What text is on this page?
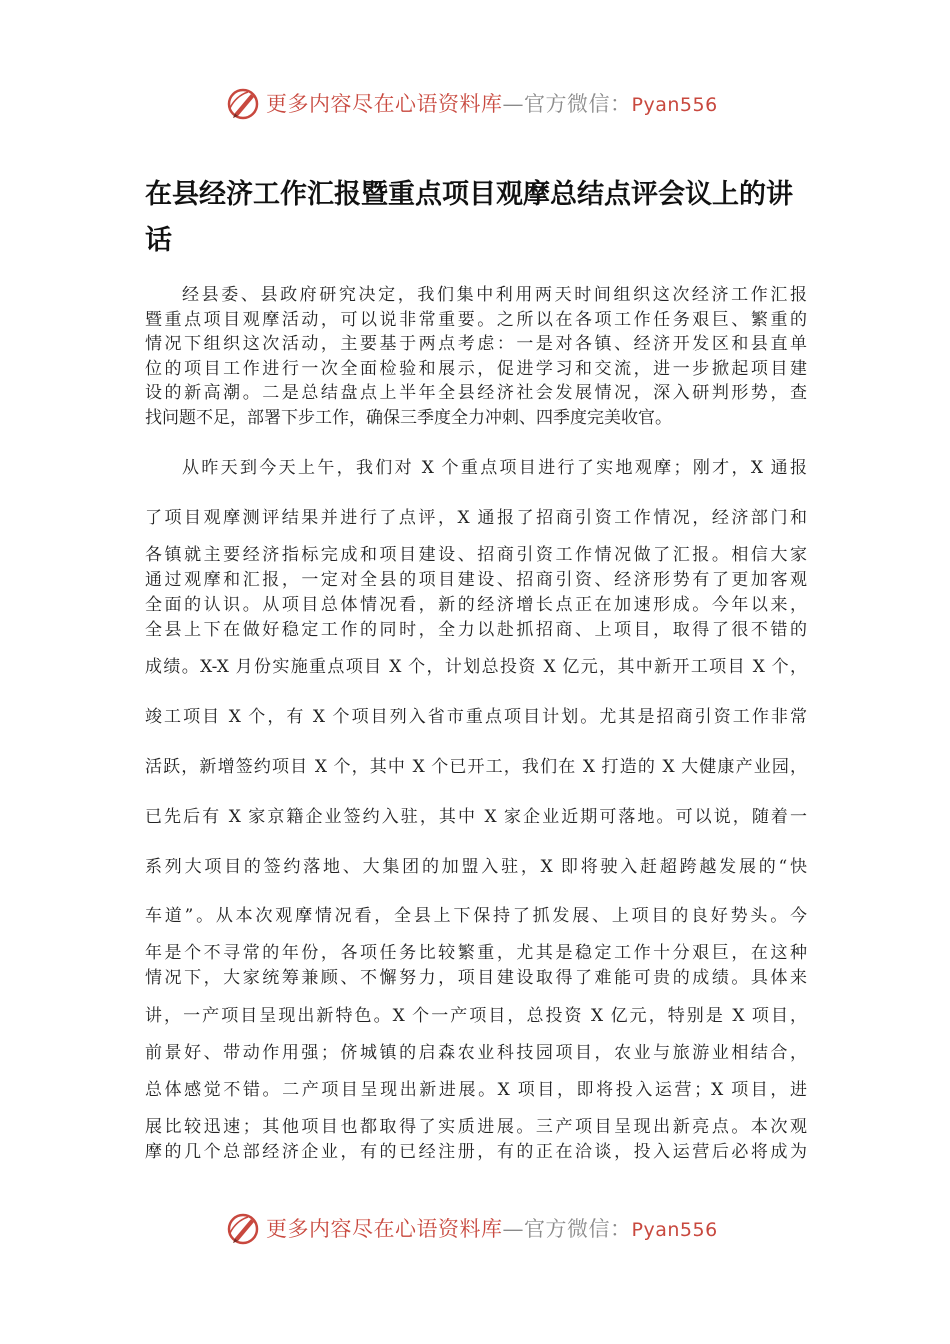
更多内容尽在心语资料库—官方微信：Pyan556
在县经济工作汇报暨重点项目观摩总结点评会议上的讲话
经县委、县政府研究决定，我们集中利用两天时间组织这次经济工作汇报
暨重点项目观摩活动，可以说非常重要。之所以在各项工作任务艰巨、繁重的
情况下组织这次活动，主要基于两点考虑：一是对各镇、经济开发区和县直单
位的项目工作进行一次全面检验和展示，促进学习和交流，进一步掀起项目建
设的新高潮。二是总结盘点上半年全县经济社会发展情况，深入研判形势，查
找问题不足，部署下步工作，确保三季度全力冲刺、四季度完美收官。
从昨天到今天上午，我们对 X 个重点项目进行了实地观摩；刚才，X 通报
了项目观摩测评结果并进行了点评，X 通报了招商引资工作情况，经济部门和
各镇就主要经济指标完成和项目建设、招商引资工作情况做了汇报。相信大家
通过观摩和汇报，一定对全县的项目建设、招商引资、经济形势有了更加客观
全面的认识。从项目总体情况看，新的经济增长点正在加速形成。今年以来，
全县上下在做好稳定工作的同时，全力以赴抓招商、上项目，取得了很不错的
成绩。X-X 月份实施重点项目 X 个，计划总投资 X 亿元，其中新开工项目 X 个，
竣工项目 X 个，有 X 个项目列入省市重点项目计划。尤其是招商引资工作非常
活跃，新增签约项目 X 个，其中 X 个已开工，我们在 X 打造的 X 大健康产业园，
已先后有 X 家京籍企业签约入驻，其中 X 家企业近期可落地。可以说，随着一
系列大项目的签约落地、大集团的加盟入驻，X 即将驶入赶超跨越发展的“快
车道”。从本次观摩情况看，全县上下保持了抓发展、上项目的良好势头。今
年是个不寻常的年份，各项任务比较繁重，尤其是稳定工作十分艰巨，在这种
情况下，大家统筹兼顾、不懈努力，项目建设取得了难能可贵的成绩。具体来
讲，一产项目呈现出新特色。X 个一产项目，总投资 X 亿元，特别是 X 项目，
前景好、带动作用强；侪城镇的启森农业科技园项目，农业与旅游业相结合，
总体感觉不错。二产项目呈现出新进展。X 项目，即将投入运营；X 项目，进
展比较迅速；其他项目也都取得了实质进展。三产项目呈现出新亮点。本次观
摩的几个总部经济企业，有的已经注册，有的正在洽谈，投入运营后必将成为
更多内容尽在心语资料库—官方微信：Pyan556
